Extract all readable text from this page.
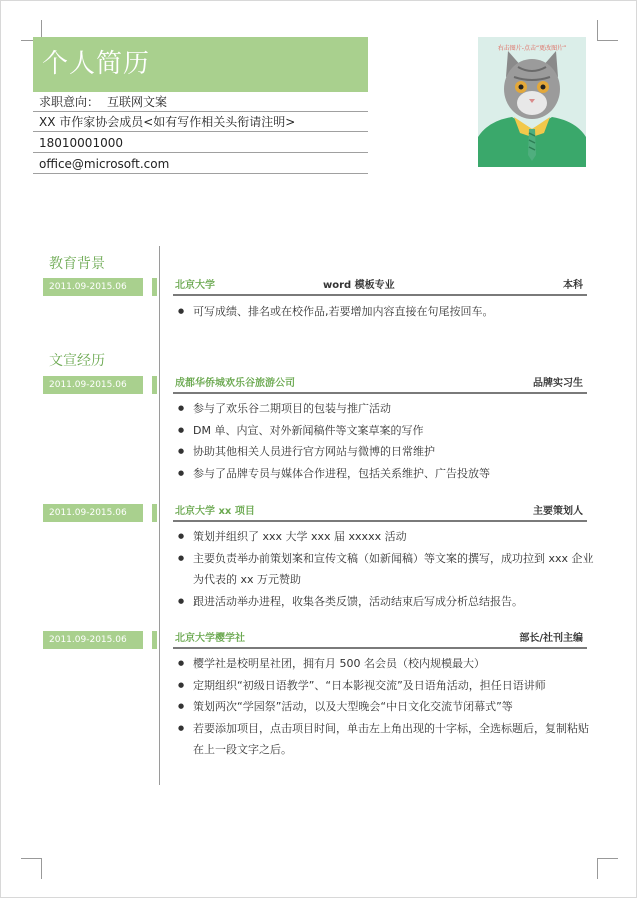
个人简历
求职意向： 互联网文案
XX 市作家协会成员<如有写作相关头衔请注明>
18010001000
office@microsoft.com
右击图片-点击“更改图片”
教育背景
2011.09-2015.06	北京大学	word 模板专业	本科
● 可写成绩、排名或在校作品,若要增加内容直接在句尾按回车。
文宣经历
2011.09-2015.06	成都华侨城欢乐谷旅游公司	品牌实习生
● 参与了欢乐谷二期项目的包装与推广活动
● DM 单、内宣、对外新闻稿件等文案草案的写作
● 协助其他相关人员进行官方网站与微博的日常维护
● 参与了品牌专员与媒体合作进程，包括关系维护、广告投放等
2011.09-2015.06	北京大学 xx 项目	主要策划人
● 策划并组织了 xxx 大学 xxx 届 xxxxx 活动
● 主要负责举办前策划案和宣传文稿（如新闻稿）等文案的撰写，成功拉到 xxx 企业为代表的 xx 万元赞助
● 跟进活动举办进程，收集各类反馈，活动结束后写成分析总结报告。
2011.09-2015.06	北京大学樱学社	部长/社刊主编
● 樱学社是校明星社团，拥有月 500 名会员（校内规模最大）
● 定期组织“初级日语教学”、“日本影视交流”及日语角活动，担任日语讲师
● 策划两次“学园祭”活动，以及大型晚会“中日文化交流节闭幕式”等
● 若要添加项目，点击项目时间，单击左上角出现的十字标，全选标题后，复制粘贴在上一段文字之后。
